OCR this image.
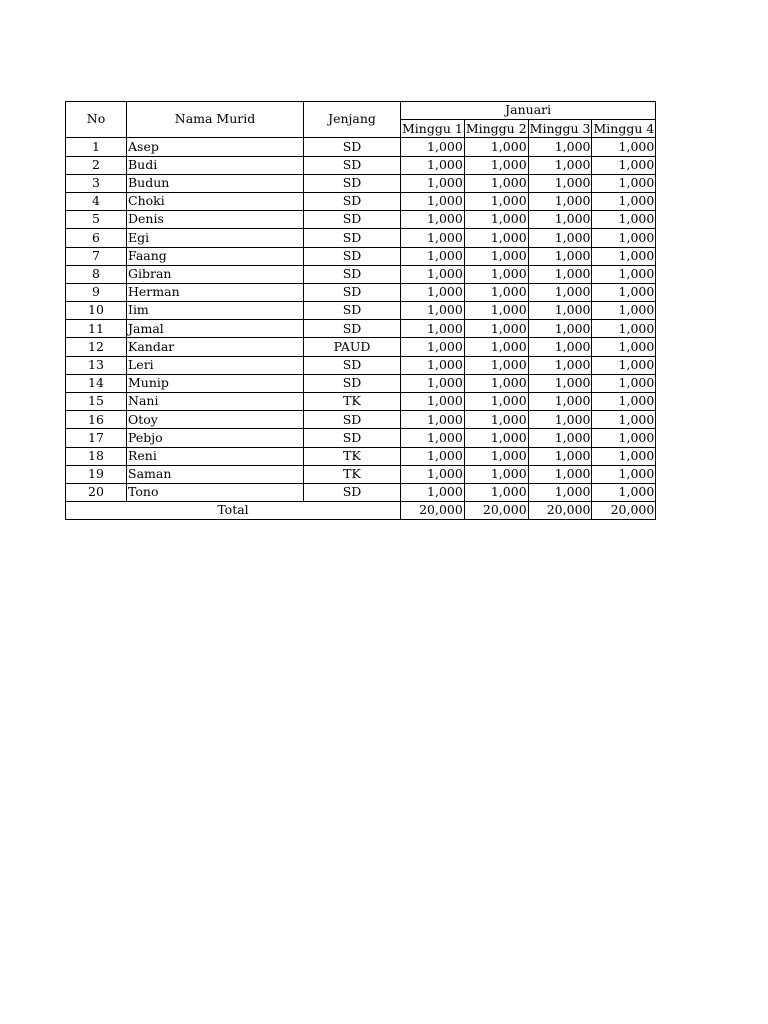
No	Nama Murid	Jenjang	Januari			
			Minggu 1	Minggu 2	Minggu 3	Minggu 4
1	Asep	SD	1,000	1,000	1,000	1,000
2	Budi	SD	1,000	1,000	1,000	1,000
3	Budun	SD	1,000	1,000	1,000	1,000
4	Choki	SD	1,000	1,000	1,000	1,000
5	Denis	SD	1,000	1,000	1,000	1,000
6	Egi	SD	1,000	1,000	1,000	1,000
7	Faang	SD	1,000	1,000	1,000	1,000
8	Gibran	SD	1,000	1,000	1,000	1,000
9	Herman	SD	1,000	1,000	1,000	1,000
10	Iim	SD	1,000	1,000	1,000	1,000
11	Jamal	SD	1,000	1,000	1,000	1,000
12	Kandar	PAUD	1,000	1,000	1,000	1,000
13	Leri	SD	1,000	1,000	1,000	1,000
14	Munip	SD	1,000	1,000	1,000	1,000
15	Nani	TK	1,000	1,000	1,000	1,000
16	Otoy	SD	1,000	1,000	1,000	1,000
17	Pebjo	SD	1,000	1,000	1,000	1,000
18	Reni	TK	1,000	1,000	1,000	1,000
19	Saman	TK	1,000	1,000	1,000	1,000
20	Tono	SD	1,000	1,000	1,000	1,000
Total			20,000	20,000	20,000	20,000
